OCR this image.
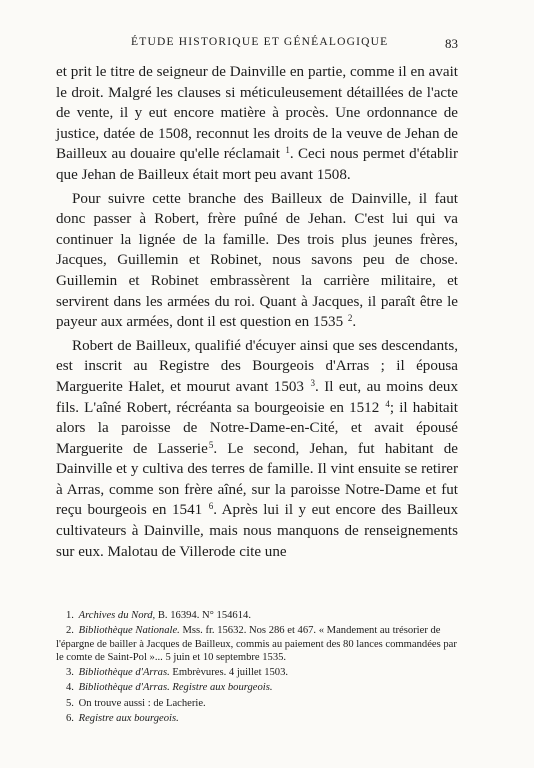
ÉTUDE HISTORIQUE ET GÉNÉALOGIQUE	83

et prit le titre de seigneur de Dainville en partie, comme il en avait le droit. Malgré les clauses si méticuleusement détaillées de l'acte de vente, il y eut encore matière à procès. Une ordonnance de justice, datée de 1508, reconnut les droits de la veuve de Jehan de Bailleux au douaire qu'elle réclamait $^1$. Ceci nous permet d'établir que Jehan de Bailleux était mort peu avant 1508.

Pour suivre cette branche des Bailleux de Dainville, il faut donc passer à Robert, frère puîné de Jehan. C'est lui qui va continuer la lignée de la famille. Des trois plus jeunes frères, Jacques, Guillemin et Robinet, nous savons peu de chose. Guillemin et Robinet embrassèrent la carrière militaire, et servirent dans les armées du roi. Quant à Jacques, il paraît être le payeur aux armées, dont il est question en 1535 $^2$.

Robert de Bailleux, qualifié d'écuyer ainsi que ses descendants, est inscrit au Registre des Bourgeois d'Arras ; il épousa Marguerite Halet, et mourut avant 1503 $^3$. Il eut, au moins deux fils. L'aîné Robert, récréanta sa bourgeoisie en 1512 $^4$; il habitait alors la paroisse de Notre-Dame-en-Cité, et avait épousé Marguerite de Lasserie$^5$. Le second, Jehan, fut habitant de Dainville et y cultiva des terres de famille. Il vint ensuite se retirer à Arras, comme son frère aîné, sur la paroisse Notre-Dame et fut reçu bourgeois en 1541 $^6$. Après lui il y eut encore des Bailleux cultivateurs à Dainville, mais nous manquons de renseignements sur eux. Malotau de Villerode cite une

1. Archives du Nord, B. 16394. N° 154614.
2. Bibliothèque Nationale. Mss. fr. 15632. Nos 286 et 467. « Mandement au trésorier de l'épargne de bailler à Jacques de Bailleux, commis au paiement des 80 lances commandées par le comte de Saint-Pol »... 5 juin et 10 septembre 1535.
3. Bibliothèque d'Arras. Embrèvures. 4 juillet 1503.
4. Bibliothèque d'Arras. Registre aux bourgeois.
5. On trouve aussi : de Lacherie.
6. Registre aux bourgeois.
